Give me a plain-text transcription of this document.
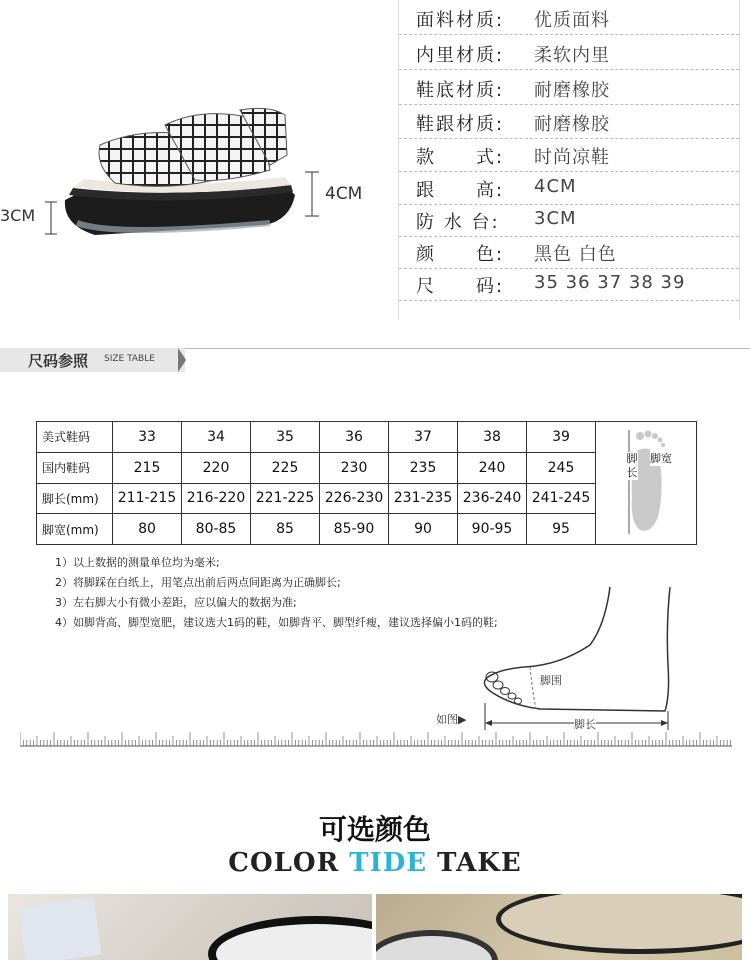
面料材质: 优质面料
内里材质: 柔软内里
鞋底材质: 耐磨橡胶
鞋跟材质: 耐磨橡胶
款　　式: 时尚凉鞋
跟　　高: 4CM
防 水 台: 3CM
颜　　色: 黑色 白色
尺　　码: 35 36 37 38 39
4CM
3CM
尺码参照 SIZE TABLE
美式鞋码	33	34	35	36	37	38	39	脚长
脚宽

国内鞋码	215	220	225	230	235	240	245	
脚长(mm)	211-215	216-220	221-225	226-230	231-235	236-240	241-245	
脚宽(mm)	80	80-85	85	85-90	90	90-95	95	
1）以上数据的测量单位均为毫米;
2）将脚踩在白纸上，用笔点出前后两点间距离为正确脚长;
3）左右脚大小有微小差距，应以偏大的数据为准;
4）如脚背高、脚型宽肥，建议选大1码的鞋，如脚背平、脚型纤瘦，建议选择偏小1码的鞋;
脚围
脚长
如图▶
可选颜色
COLOR TIDE TAKE
